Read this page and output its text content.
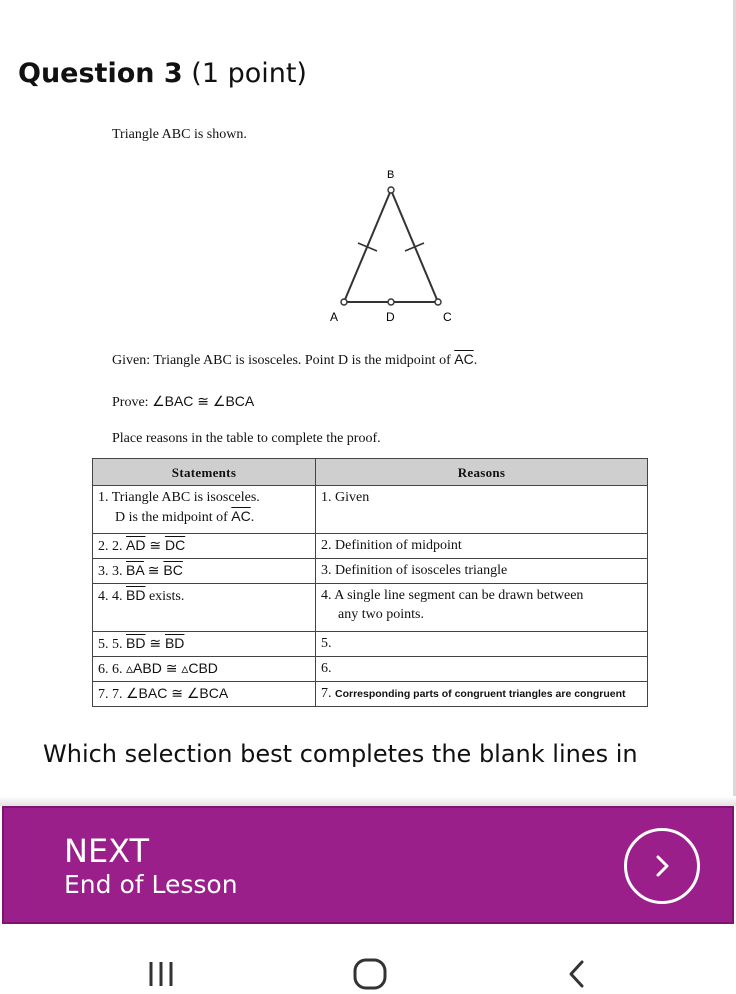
Question 3 (1 point)
Triangle ABC is shown.
B
A	D	C
Given: Triangle ABC is isosceles. Point D is the midpoint of $\overline{AC}$.
Prove: ∠BAC ≅ ∠BCA
Place reasons in the table to complete the proof.
Statements	Reasons

1. Triangle ABC is isosceles.
D is the midpoint of $\overline{AC}$.	1. Given
2. 2. $\overline{AD}$ ≅ $\overline{DC}$	2. Definition of midpoint
3. 3. $\overline{BA}$ ≅ $\overline{BC}$	3. Definition of isosceles triangle
4. 4. $\overline{BD}$ exists.	4. A single line segment can be drawn between
any two points.

5. 5. $\overline{BD}$ ≅ $\overline{BD}$	5.
6. 6. ▵ABD ≅ ▵CBD	6.
7. 7. ∠BAC ≅ ∠BCA	7. Corresponding parts of congruent triangles are congruent
Which selection best completes the blank lines in
NEXT
End of Lesson
